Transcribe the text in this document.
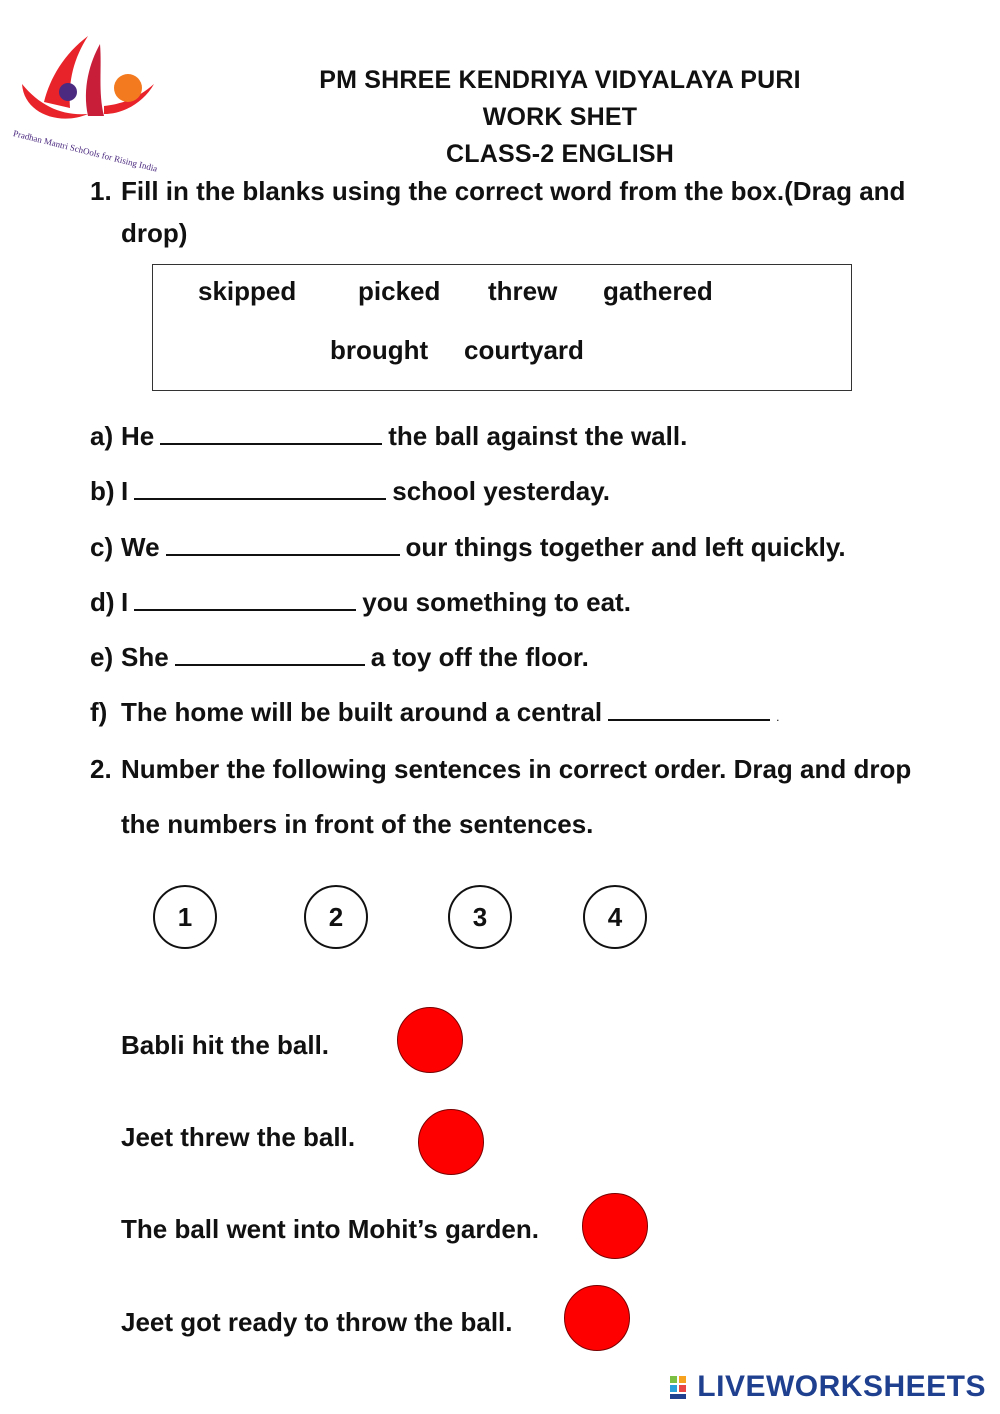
Pradhan Mantri SchOols for Rising India
PM SHREE KENDRIYA VIDYALAYA PURI
WORK SHET
CLASS-2 ENGLISH
1. Fill in the blanks using the correct word from the box.(Drag and
drop)
skipped picked threw gathered
brought courtyard
a) He	the ball against the wall.
b) I	school yesterday.
c) We	our things together and left quickly.
d) I	you something to eat.
e) She	a toy off the floor.
f) The home will be built around a central	.
2. Number the following sentences in correct order. Drag and drop
the numbers in front of the sentences.
1	2	3	4
Babli hit the ball.
Jeet threw the ball.
The ball went into Mohit’s garden.
Jeet got ready to throw the ball.
LIVEWORKSHEETS
